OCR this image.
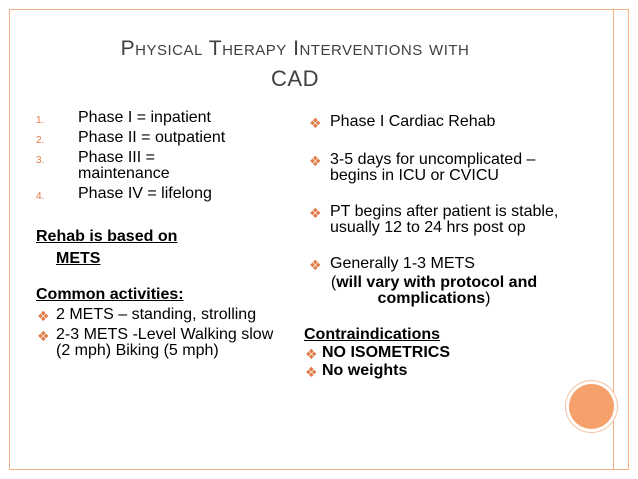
Physical Therapy Interventions with
CAD
1. Phase I = inpatient
2. Phase II = outpatient
3. Phase III = maintenance
4. Phase IV = lifelong
Rehab is based on
METS
Common activities:
❖ 2 METS – standing, strolling
❖ 2-3 METS -Level Walking slow (2 mph) Biking (5 mph)
❖ Phase I Cardiac Rehab
❖ 3-5 days for uncomplicated – begins in ICU or CVICU
❖ PT begins after patient is stable, usually 12 to 24 hrs post op
❖ Generally 1-3 METS
(will vary with protocol and complications)
Contraindications
❖ NO ISOMETRICS
❖ No weights
